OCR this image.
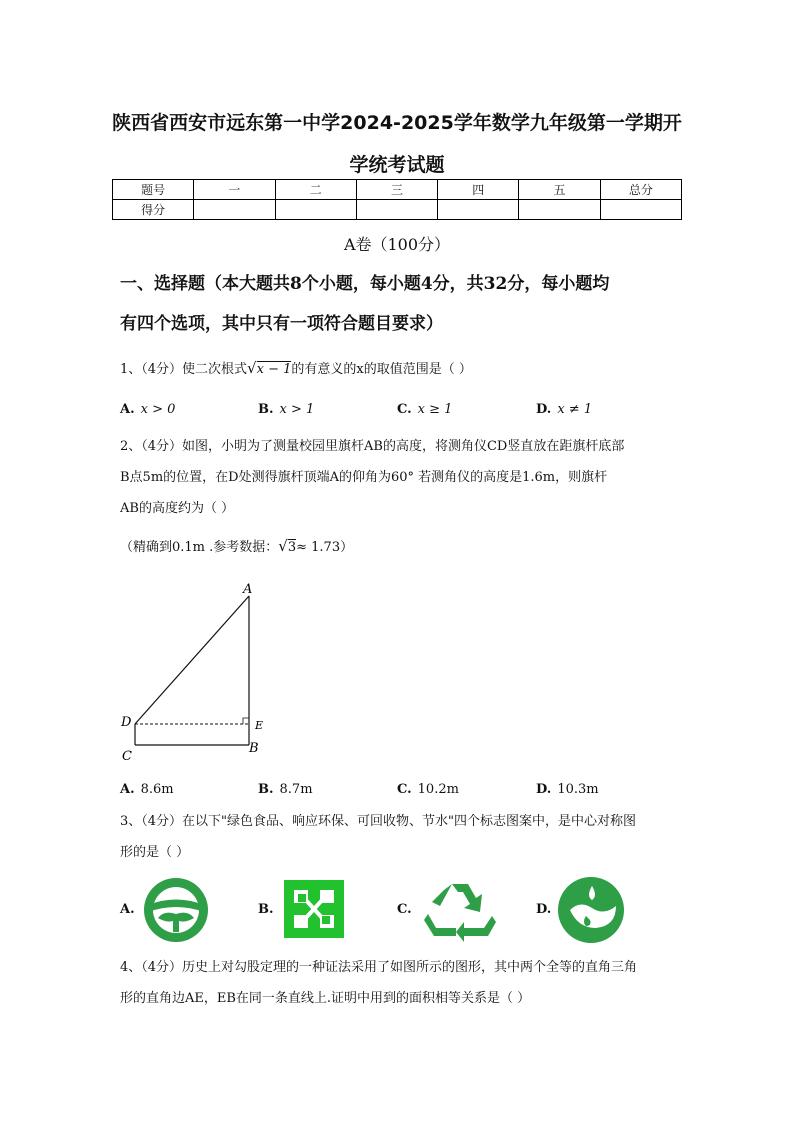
陕西省西安市远东第一中学2024-2025学年数学九年级第一学期开
学统考试题
题号	一	二	三	四	五	总分
得分						
A卷（100分）
一、选择题（本大题共8个小题，每小题4分，共32分，每小题均
有四个选项，其中只有一项符合题目要求）
1、（4分）使二次根式√x − 1的有意义的x的取值范围是（ ）
A. x > 0	B. x > 1	C. x ≥ 1	D. x ≠ 1
2、（4分）如图，小明为了测量校园里旗杆AB的高度，将测角仪CD竖直放在距旗杆底部
B点5m的位置，在D处测得旗杆顶端A的仰角为60° 若测角仪的高度是1.6m，则旗杆
AB的高度约为（ ）
（精确到0.1m .参考数据：√3≈ 1.73）
A
D	E
C
B
A. 8.6m	B. 8.7m	C. 10.2m	D. 10.3m
3、（4分）在以下"绿色食品、响应环保、可回收物、节水"四个标志图案中，是中心对称图
形的是（ ）
A.	B.	C.	D.
4、（4分）历史上对勾股定理的一种证法采用了如图所示的图形，其中两个全等的直角三角
形的直角边AE，EB在同一条直线上.证明中用到的面积相等关系是（ ）
